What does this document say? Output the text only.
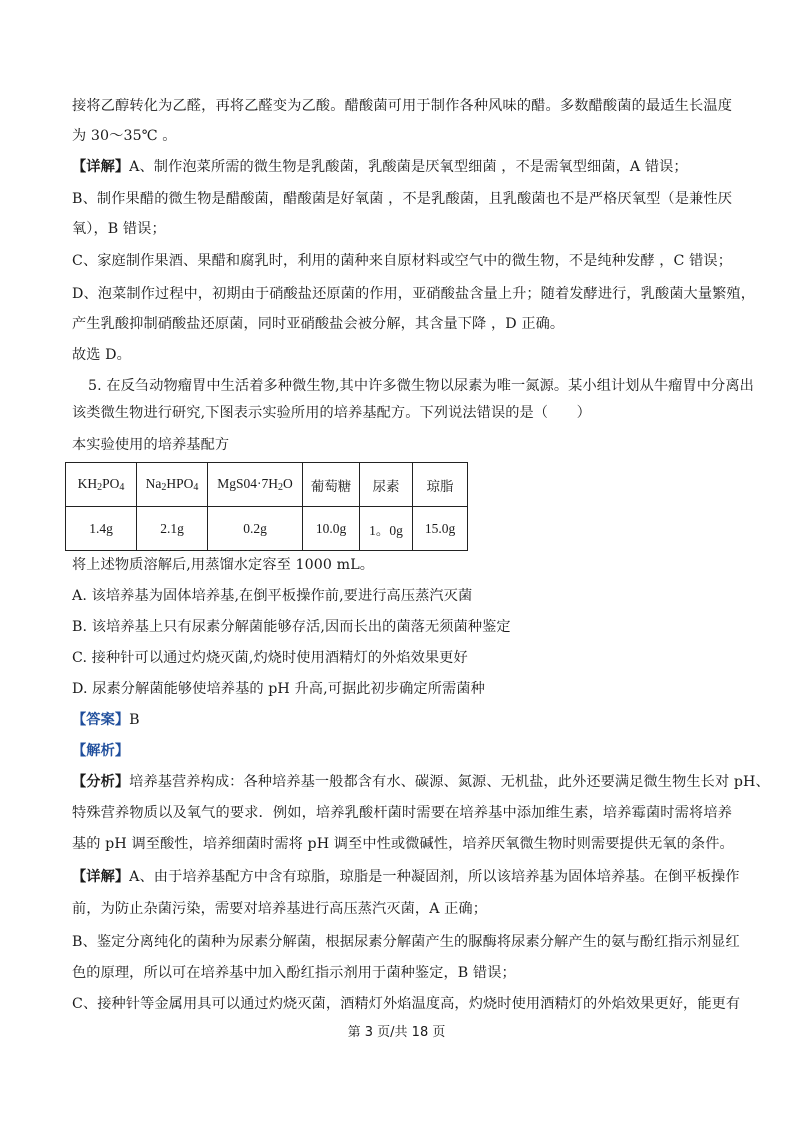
接将乙醇转化为乙醛，再将乙醛变为乙酸。醋酸菌可用于制作各种风味的醋。多数醋酸菌的最适生长温度
为 30～35℃ 。
【详解】A、制作泡菜所需的微生物是乳酸菌，乳酸菌是厌氧型细菌 ，不是需氧型细菌，A 错误；
B、制作果醋的微生物是醋酸菌，醋酸菌是好氧菌 ，不是乳酸菌，且乳酸菌也不是严格厌氧型（是兼性厌
氧），B 错误；
C、家庭制作果酒、果醋和腐乳时，利用的菌种来自原材料或空气中的微生物，不是纯种发酵 ，C 错误；
D、泡菜制作过程中，初期由于硝酸盐还原菌的作用，亚硝酸盐含量上升；随着发酵进行，乳酸菌大量繁殖，
产生乳酸抑制硝酸盐还原菌，同时亚硝酸盐会被分解，其含量下降 ，D 正确。
故选 D。
5. 在反刍动物瘤胃中生活着多种微生物,其中许多微生物以尿素为唯一氮源。某小组计划从牛瘤胃中分离出
该类微生物进行研究,下图表示实验所用的培养基配方。下列说法错误的是（　　）
本实验使用的培养基配方
$KH_2PO_4$	$Na_2HPO_4$	$MgS04\cdot 7H_2O$	葡萄糖	尿素	琼脂
1.4g	2.1g	0.2g	10.0g	1。0g	15.0g
将上述物质溶解后,用蒸馏水定容至 1000 mL。
A. 该培养基为固体培养基,在倒平板操作前,要进行高压蒸汽灭菌
B. 该培养基上只有尿素分解菌能够存活,因而长出的菌落无须菌种鉴定
C. 接种针可以通过灼烧灭菌,灼烧时使用酒精灯的外焰效果更好
D. 尿素分解菌能够使培养基的 pH 升高,可据此初步确定所需菌种
【答案】B
【解析】
【分析】培养基营养构成：各种培养基一般都含有水、碳源、氮源、无机盐，此外还要满足微生物生长对 pH、
特殊营养物质以及氧气的要求．例如，培养乳酸杆菌时需要在培养基中添加维生素，培养霉菌时需将培养
基的 pH 调至酸性，培养细菌时需将 pH 调至中性或微碱性，培养厌氧微生物时则需要提供无氧的条件。
【详解】A、由于培养基配方中含有琼脂，琼脂是一种凝固剂，所以该培养基为固体培养基。在倒平板操作
前，为防止杂菌污染，需要对培养基进行高压蒸汽灭菌，A 正确；
B、鉴定分离纯化的菌种为尿素分解菌，根据尿素分解菌产生的脲酶将尿素分解产生的氨与酚红指示剂显红
色的原理，所以可在培养基中加入酚红指示剂用于菌种鉴定，B 错误；
C、接种针等金属用具可以通过灼烧灭菌，酒精灯外焰温度高，灼烧时使用酒精灯的外焰效果更好，能更有
第 3 页/共 18 页
